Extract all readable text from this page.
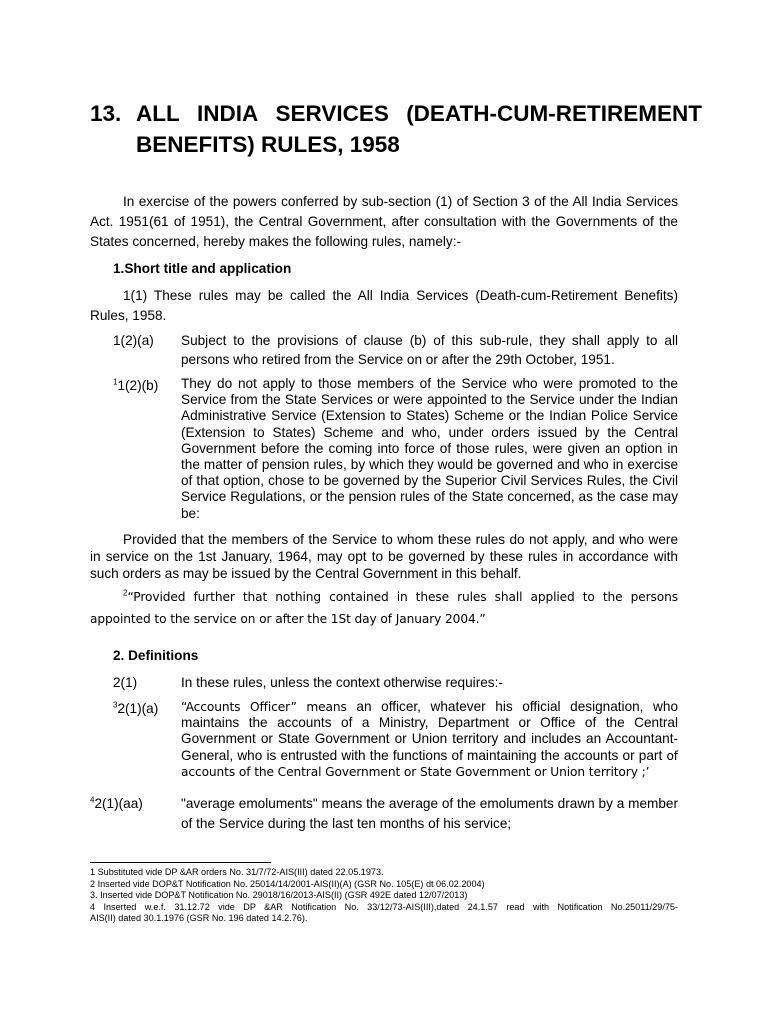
13. ALL INDIA SERVICES (DEATH-CUM-RETIREMENT
BENEFITS) RULES, 1958

In exercise of the powers conferred by sub-section (1) of Section 3 of the All India Services Act. 1951(61 of 1951), the Central Government, after consultation with the Governments of the States concerned, hereby makes the following rules, namely:-

1.Short title and application

1(1) These rules may be called the All India Services (Death-cum-Retirement Benefits) Rules, 1958.

1(2)(a) Subject to the provisions of clause (b) of this sub-rule, they shall apply to all persons who retired from the Service on or after the 29th October, 1951.

$^1$1(2)(b) They do not apply to those members of the Service who were promoted to the Service from the State Services or were appointed to the Service under the Indian Administrative Service (Extension to States) Scheme or the Indian Police Service (Extension to States) Scheme and who, under orders issued by the Central Government before the coming into force of those rules, were given an option in the matter of pension rules, by which they would be governed and who in exercise of that option, chose to be governed by the Superior Civil Services Rules, the Civil Service Regulations, or the pension rules of the State concerned, as the case may be:

Provided that the members of the Service to whom these rules do not apply, and who were in service on the 1st January, 1964, may opt to be governed by these rules in accordance with such orders as may be issued by the Central Government in this behalf.

$^2$“Provided further that nothing contained in these rules shall applied to the persons appointed to the service on or after the 1St day of January 2004.”

2. Definitions

2(1)	In these rules, unless the context otherwise requires:-

$^3$2(1)(a) “Accounts Officer” means an officer, whatever his official designation, who maintains the accounts of a Ministry, Department or Office of the Central Government or State Government or Union territory and includes an Accountant-General, who is entrusted with the functions of maintaining the accounts or part of accounts of the Central Government or State Government or Union territory ;’

$^4$2(1)(aa)	"average emoluments" means the average of the emoluments drawn by a member of the Service during the last ten months of his service;

1 Substituted vide DP &AR orders No. 31/7/72-AIS(III) dated 22.05.1973.
2 Inserted vide DOP&T Notification No. 25014/14/2001-AIS(II)(A) (GSR No. 105(E) dt 06.02.2004)
3. Inserted vide DOP&T Notification No. 29018/16/2013-AIS(II) (GSR 492E dated 12/07/2013)
4 Inserted w.e.f. 31.12.72 vide DP &AR Notification No. 33/12/73-AIS(III),dated 24.1.57 read with Notification No.25011/29/75-
AIS(II) dated 30.1.1976 (GSR No. 196 dated 14.2.76).
